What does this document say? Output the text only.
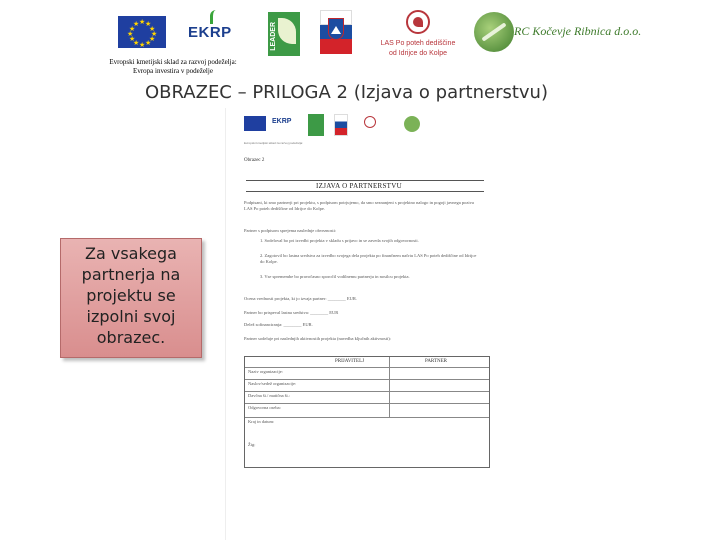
★ ★
★
★
★
★
★
★
★
★
★
★	EKRP	LEADER	LAS Po poteh dediščine
od Idrijce do Kolpe
RC Kočevje Ribnica d.o.o.
Evropski kmetijski sklad za razvoj podeželja:
Evropa investira v podeželje
OBRAZEC – PRILOGA 2 (Izjava o partnerstvu)
Za vsakega
partnerja na
projektu se
izpolni svoj
obrazec.
EKRP
Evropski kmetijski sklad za razvoj podeželja:
Obrazec 2
IZJAVA O PARTNERSTVU
Podpisani, ki smo partnerji pri projektu, s podpisom potrjujemo, da smo seznanjeni s projektno nalogo in pogoji javnega poziva LAS Po poteh dediščine od Idrijce do Kolpe.
Partner s podpisom sprejema naslednje obveznosti:
1. Sodeloval bo pri izvedbi projekta v skladu s prijavo in se zaveda svojih odgovornosti.
2. Zagotovil bo lastna sredstva za izvedbo svojega dela projekta po finančnem načrtu LAS Po poteh dediščine od Idrijce do Kolpe.
3. Vse spremembe bo pravočasno sporočil vodilnemu partnerju in nosilcu projekta.
Ocena vrednosti projekta, ki jo izvaja partner: ________ EUR.
Partner bo prispeval lastna sredstva: ________ EUR
Delež sofinanciranja: ________ EUR.
Partner sodeluje pri naslednjih aktivnostih projekta (navedba ključnih aktivnosti):
PRIJAVITELJ	PARTNER
Naziv organizacije:
Naslov/sedež organizacije:
Davčna št./ matična št.:
Odgovorna oseba:
Kraj in datum:
Žig:
